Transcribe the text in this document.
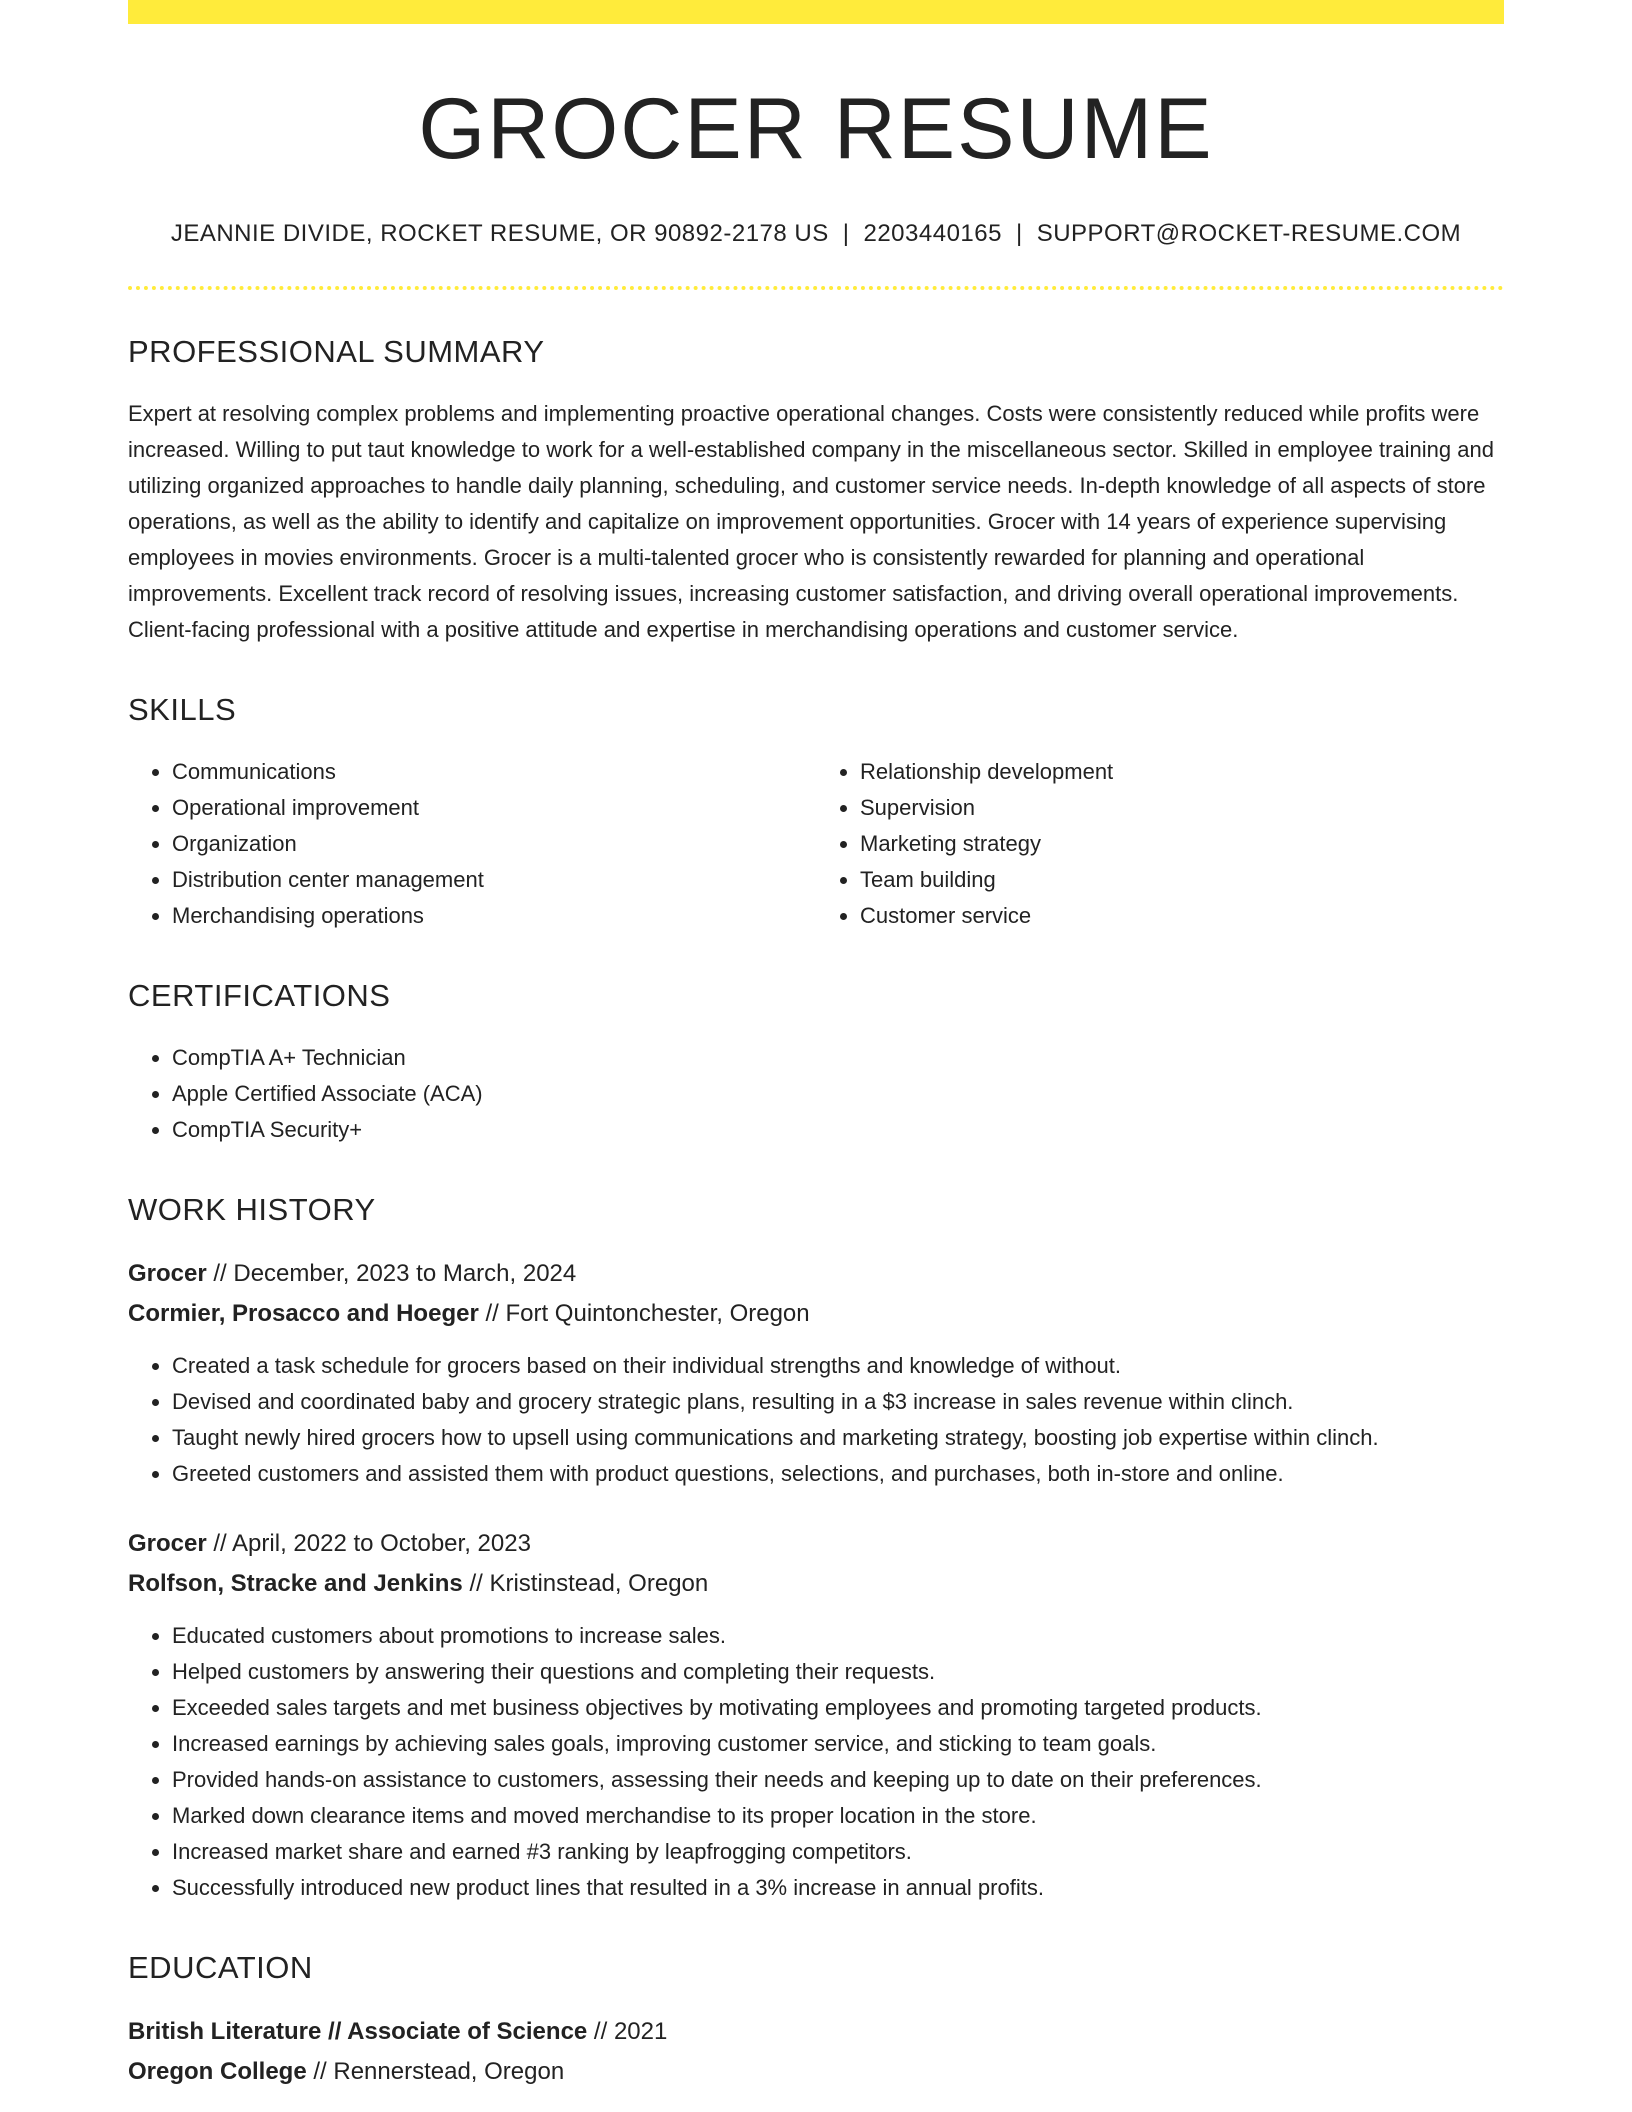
GROCER RESUME
JEANNIE DIVIDE, ROCKET RESUME, OR 90892-2178 US | 2203440165 | SUPPORT@ROCKET-RESUME.COM
PROFESSIONAL SUMMARY

Expert at resolving complex problems and implementing proactive operational changes. Costs were consistently reduced while profits were increased. Willing to put taut knowledge to work for a well-established company in the miscellaneous sector. Skilled in employee training and utilizing organized approaches to handle daily planning, scheduling, and customer service needs. In-depth knowledge of all aspects of store operations, as well as the ability to identify and capitalize on improvement opportunities. Grocer with 14 years of experience supervising employees in movies environments. Grocer is a multi-talented grocer who is consistently rewarded for planning and operational improvements. Excellent track record of resolving issues, increasing customer satisfaction, and driving overall operational improvements. Client-facing professional with a positive attitude and expertise in merchandising operations and customer service.

SKILLS
• Communications
• Operational improvement
• Organization
• Distribution center management
• Merchandising operations
• Relationship development
• Supervision
• Marketing strategy
• Team building
• Customer service
CERTIFICATIONS
• CompTIA A+ Technician
• Apple Certified Associate (ACA)
• CompTIA Security+
WORK HISTORY

Grocer // December, 2023 to March, 2024

Cormier, Prosacco and Hoeger // Fort Quintonchester, Oregon

• Created a task schedule for grocers based on their individual strengths and knowledge of without.
• Devised and coordinated baby and grocery strategic plans, resulting in a $3 increase in sales revenue within clinch.
• Taught newly hired grocers how to upsell using communications and marketing strategy, boosting job expertise within clinch.
• Greeted customers and assisted them with product questions, selections, and purchases, both in-store and online.

Grocer // April, 2022 to October, 2023

Rolfson, Stracke and Jenkins // Kristinstead, Oregon

• Educated customers about promotions to increase sales.
• Helped customers by answering their questions and completing their requests.
• Exceeded sales targets and met business objectives by motivating employees and promoting targeted products.
• Increased earnings by achieving sales goals, improving customer service, and sticking to team goals.
• Provided hands-on assistance to customers, assessing their needs and keeping up to date on their preferences.
• Marked down clearance items and moved merchandise to its proper location in the store.
• Increased market share and earned #3 ranking by leapfrogging competitors.
• Successfully introduced new product lines that resulted in a 3% increase in annual profits.
EDUCATION

British Literature // Associate of Science // 2021

Oregon College // Rennerstead, Oregon
